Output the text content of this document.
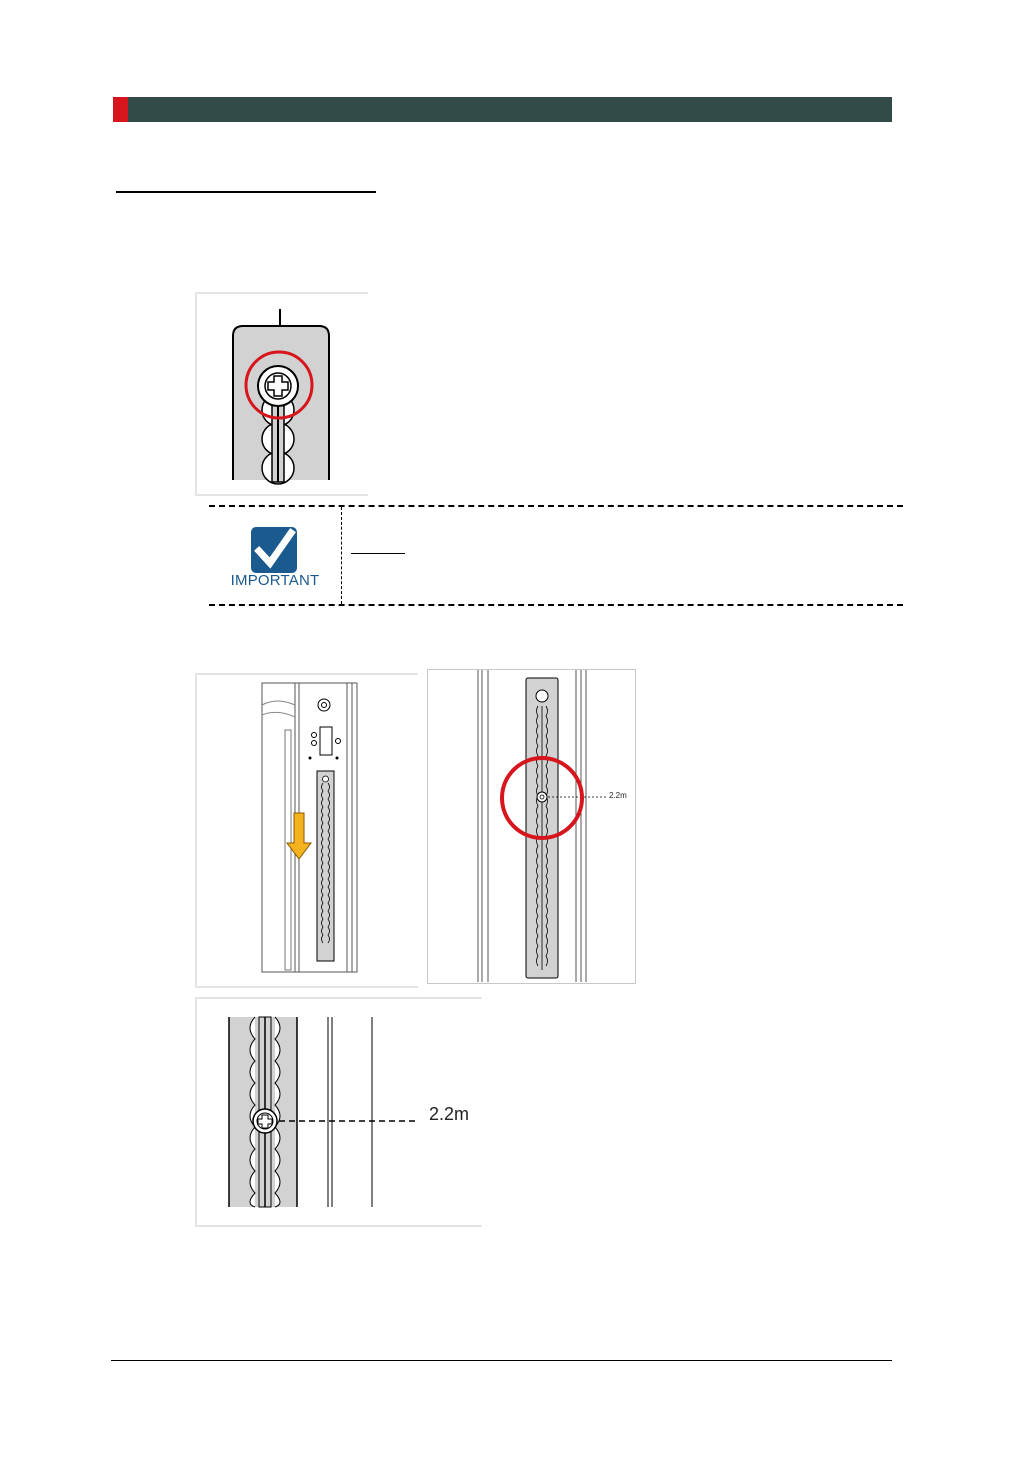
IMPORTANT
2.2m
2.2m
